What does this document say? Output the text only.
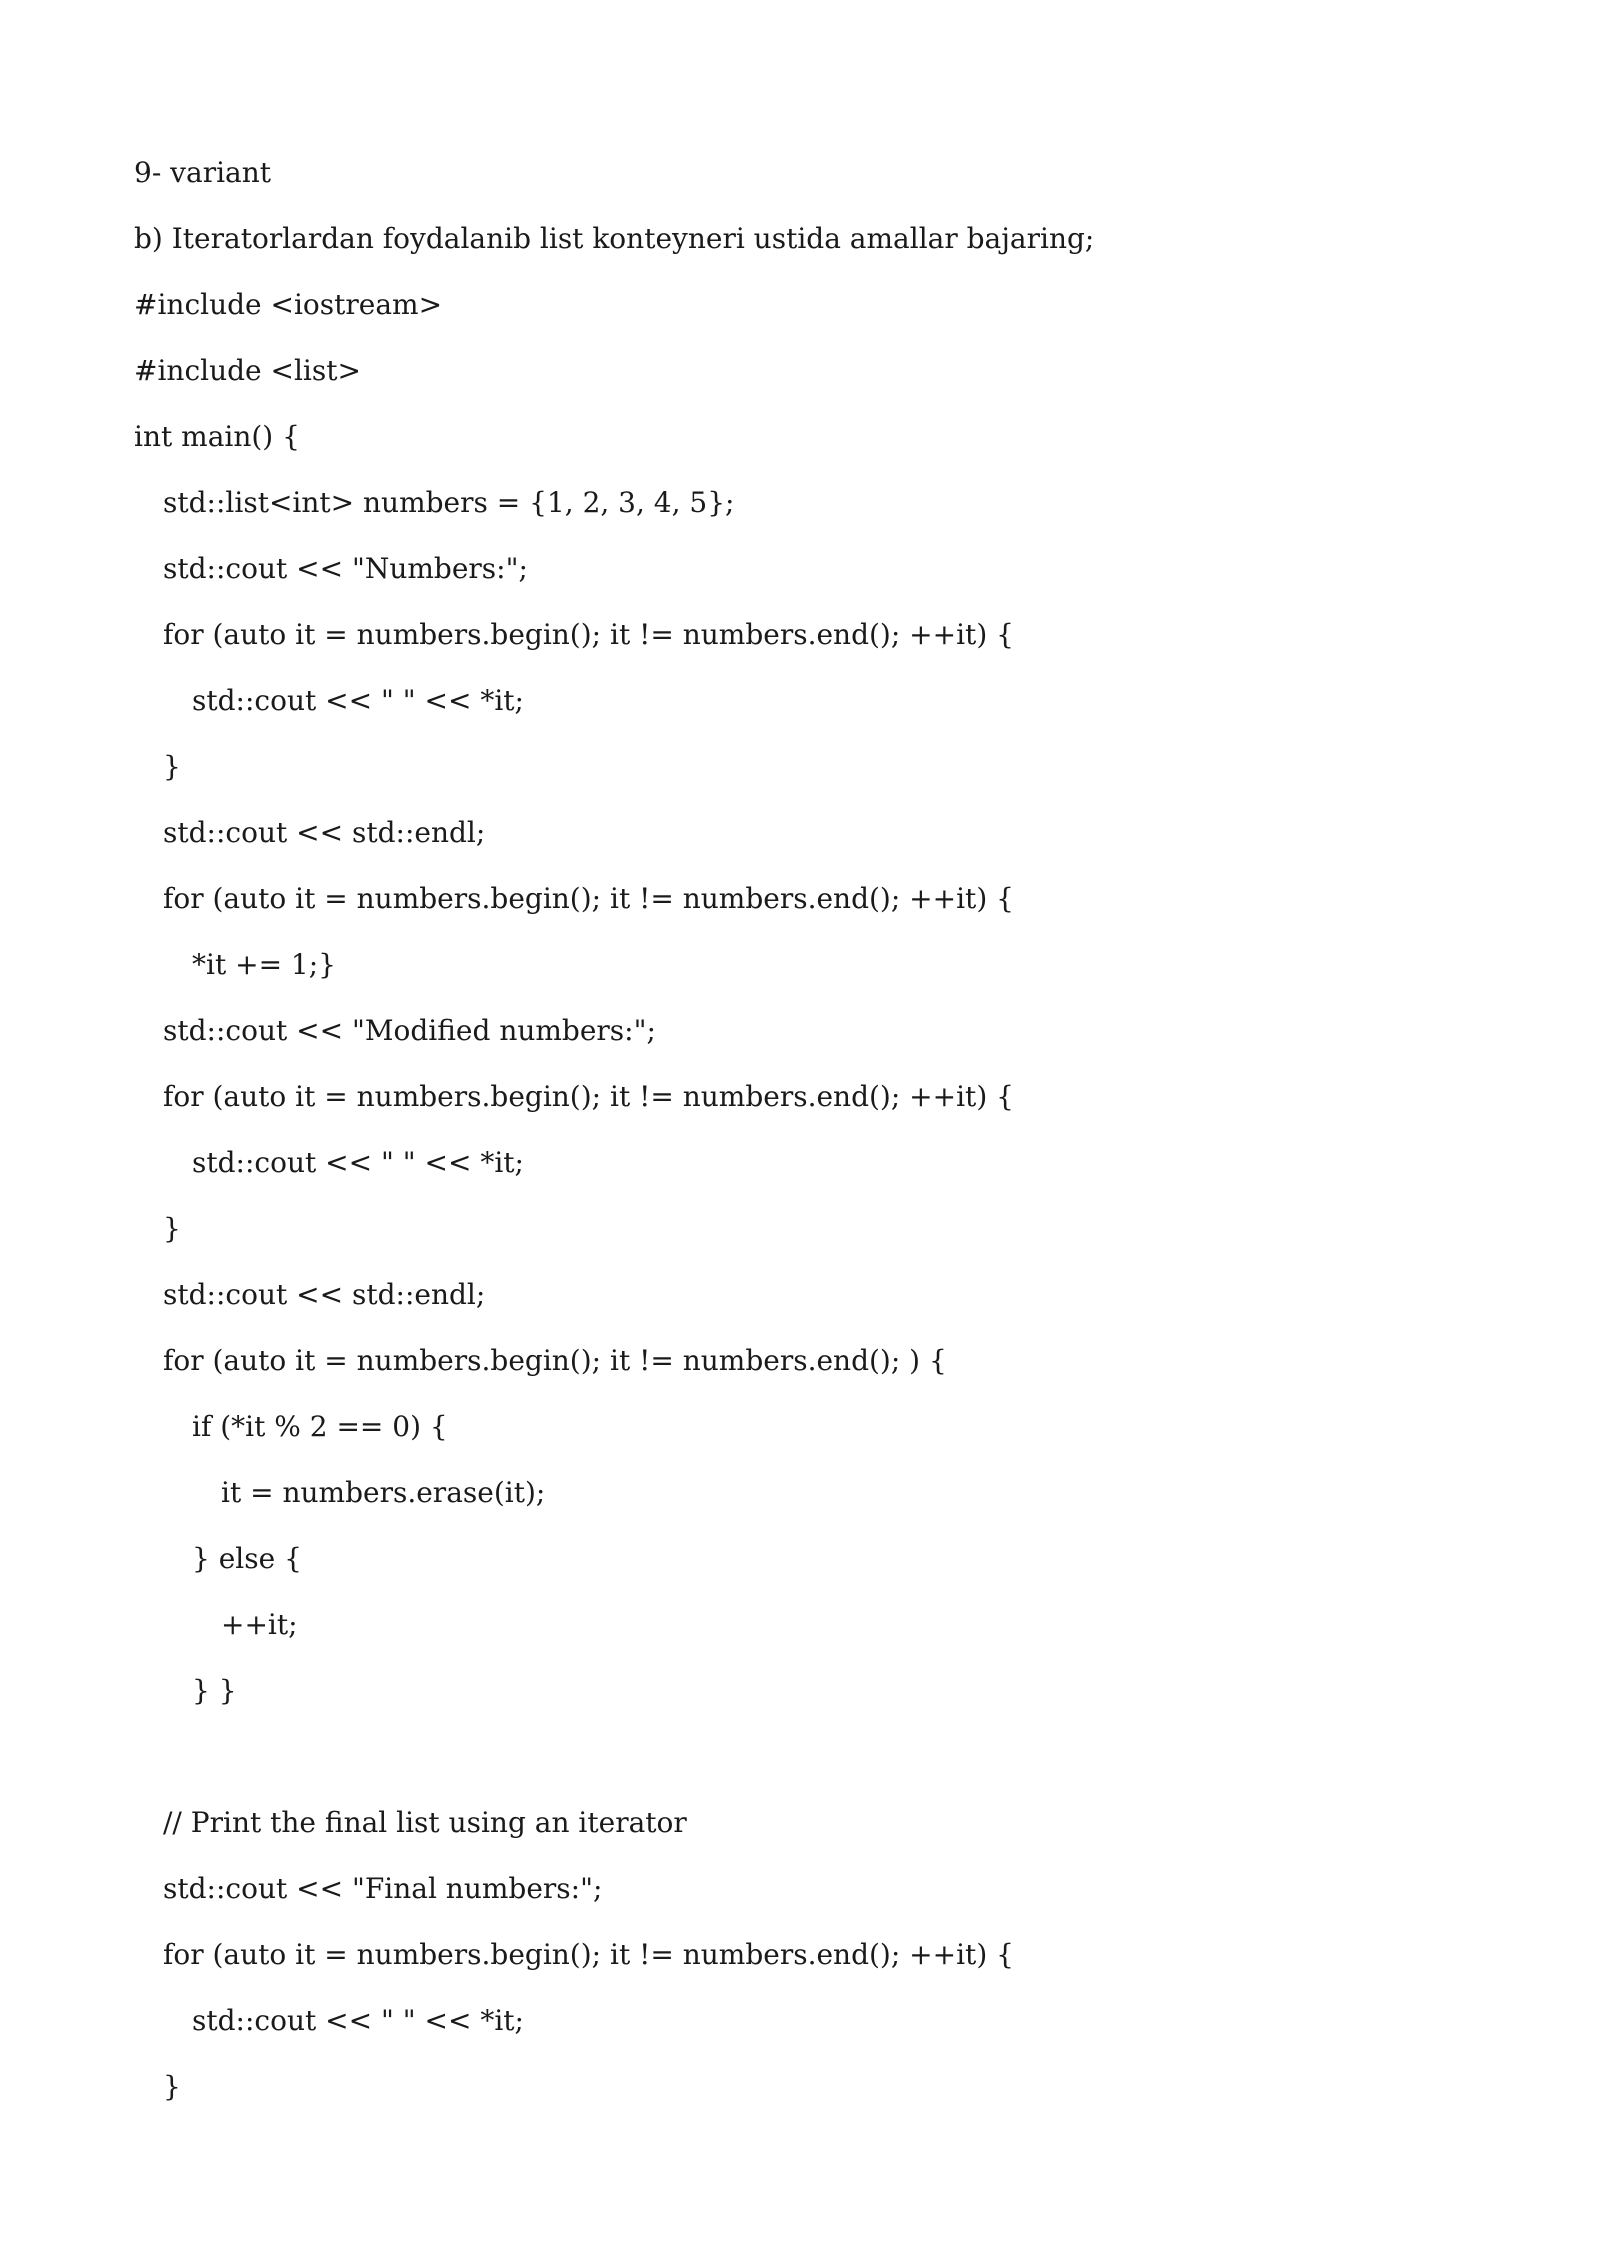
9- variant
b) Iteratorlardan foydalanib list konteyneri ustida amallar bajaring;
#include <iostream>
#include <list>
int main() {
std::list<int> numbers = {1, 2, 3, 4, 5};
std::cout << "Numbers:";
for (auto it = numbers.begin(); it != numbers.end(); ++it) {
std::cout << " " << *it;
}
std::cout << std::endl;
for (auto it = numbers.begin(); it != numbers.end(); ++it) {
*it += 1;}
std::cout << "Modified numbers:";
for (auto it = numbers.begin(); it != numbers.end(); ++it) {
std::cout << " " << *it;
}
std::cout << std::endl;
for (auto it = numbers.begin(); it != numbers.end(); ) {
if (*it % 2 == 0) {
it = numbers.erase(it);
} else {
++it;
} }
// Print the final list using an iterator
std::cout << "Final numbers:";
for (auto it = numbers.begin(); it != numbers.end(); ++it) {
std::cout << " " << *it;
}
